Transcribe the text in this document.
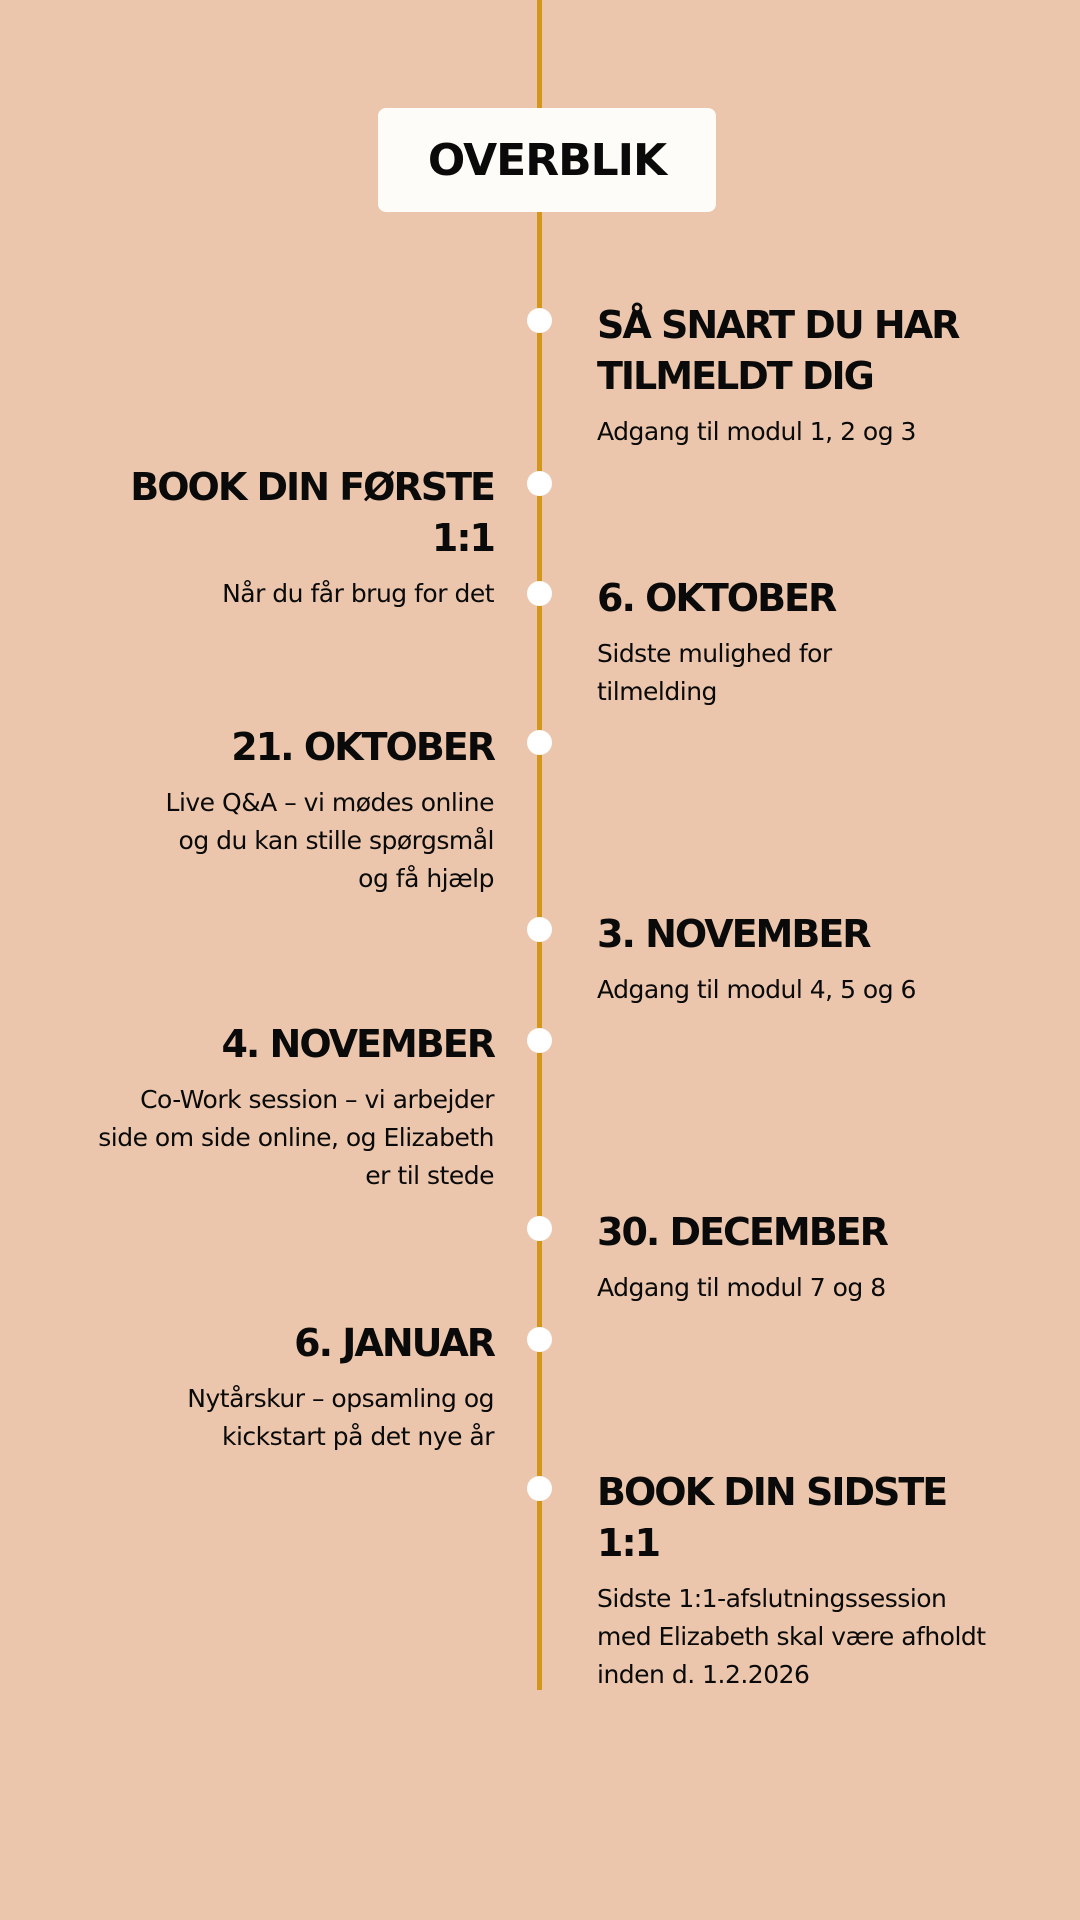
OVERBLIK
SÅ SNART DU HAR TILMELDT DIG
Adgang til modul 1, 2 og 3
BOOK DIN FØRSTE 1:1
Når du får brug for det	6. OKTOBER
Sidste mulighed for tilmelding
21. OKTOBER
Live Q&A – vi mødes online og du kan stille spørgsmål og få hjælp
3. NOVEMBER
Adgang til modul 4, 5 og 6
4. NOVEMBER
Co-Work session – vi arbejder side om side online, og Elizabeth er til stede
30. DECEMBER
Adgang til modul 7 og 8
6. JANUAR
Nytårskur – opsamling og kickstart på det nye år
BOOK DIN SIDSTE 1:1
Sidste 1:1-afslutningssession med Elizabeth skal være afholdt inden d. 1.2.2026
